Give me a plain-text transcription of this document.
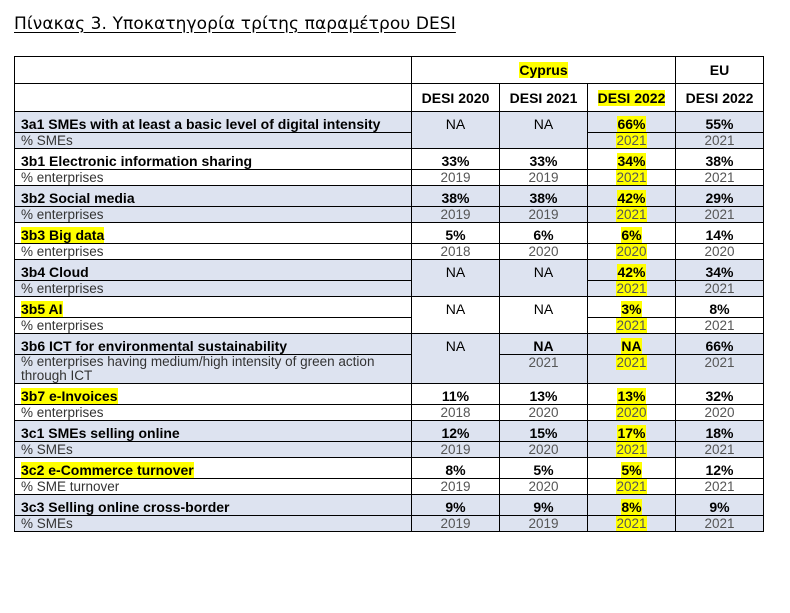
Πίνακας 3. Υποκατηγορία τρίτης παραμέτρου DESI
	Cyprus			EU
	DESI 2020	DESI 2021	DESI 2022	DESI 2022
3a1 SMEs with at least a basic level of digital intensity	NA	NA	66%	55%
% SMEs			2021	2021
3b1 Electronic information sharing	33%	33%	34%	38%
% enterprises	2019	2019	2021	2021
3b2 Social media	38%	38%	42%	29%
% enterprises	2019	2019	2021	2021
3b3 Big data	5%	6%	6%	14%
% enterprises	2018	2020	2020	2020
3b4 Cloud	NA	NA	42%	34%
% enterprises			2021	2021
3b5 AI	NA	NA	3%	8%
% enterprises			2021	2021
3b6 ICT for environmental sustainability	NA	NA	NA	66%
% enterprises having medium/high intensity of green action through ICT		2021	2021	2021
3b7 e-Invoices	11%	13%	13%	32%
% enterprises	2018	2020	2020	2020
3c1 SMEs selling online	12%	15%	17%	18%
% SMEs	2019	2020	2021	2021
3c2 e-Commerce turnover	8%	5%	5%	12%
% SME turnover	2019	2020	2021	2021
3c3 Selling online cross-border	9%	9%	8%	9%
% SMEs	2019	2019	2021	2021
